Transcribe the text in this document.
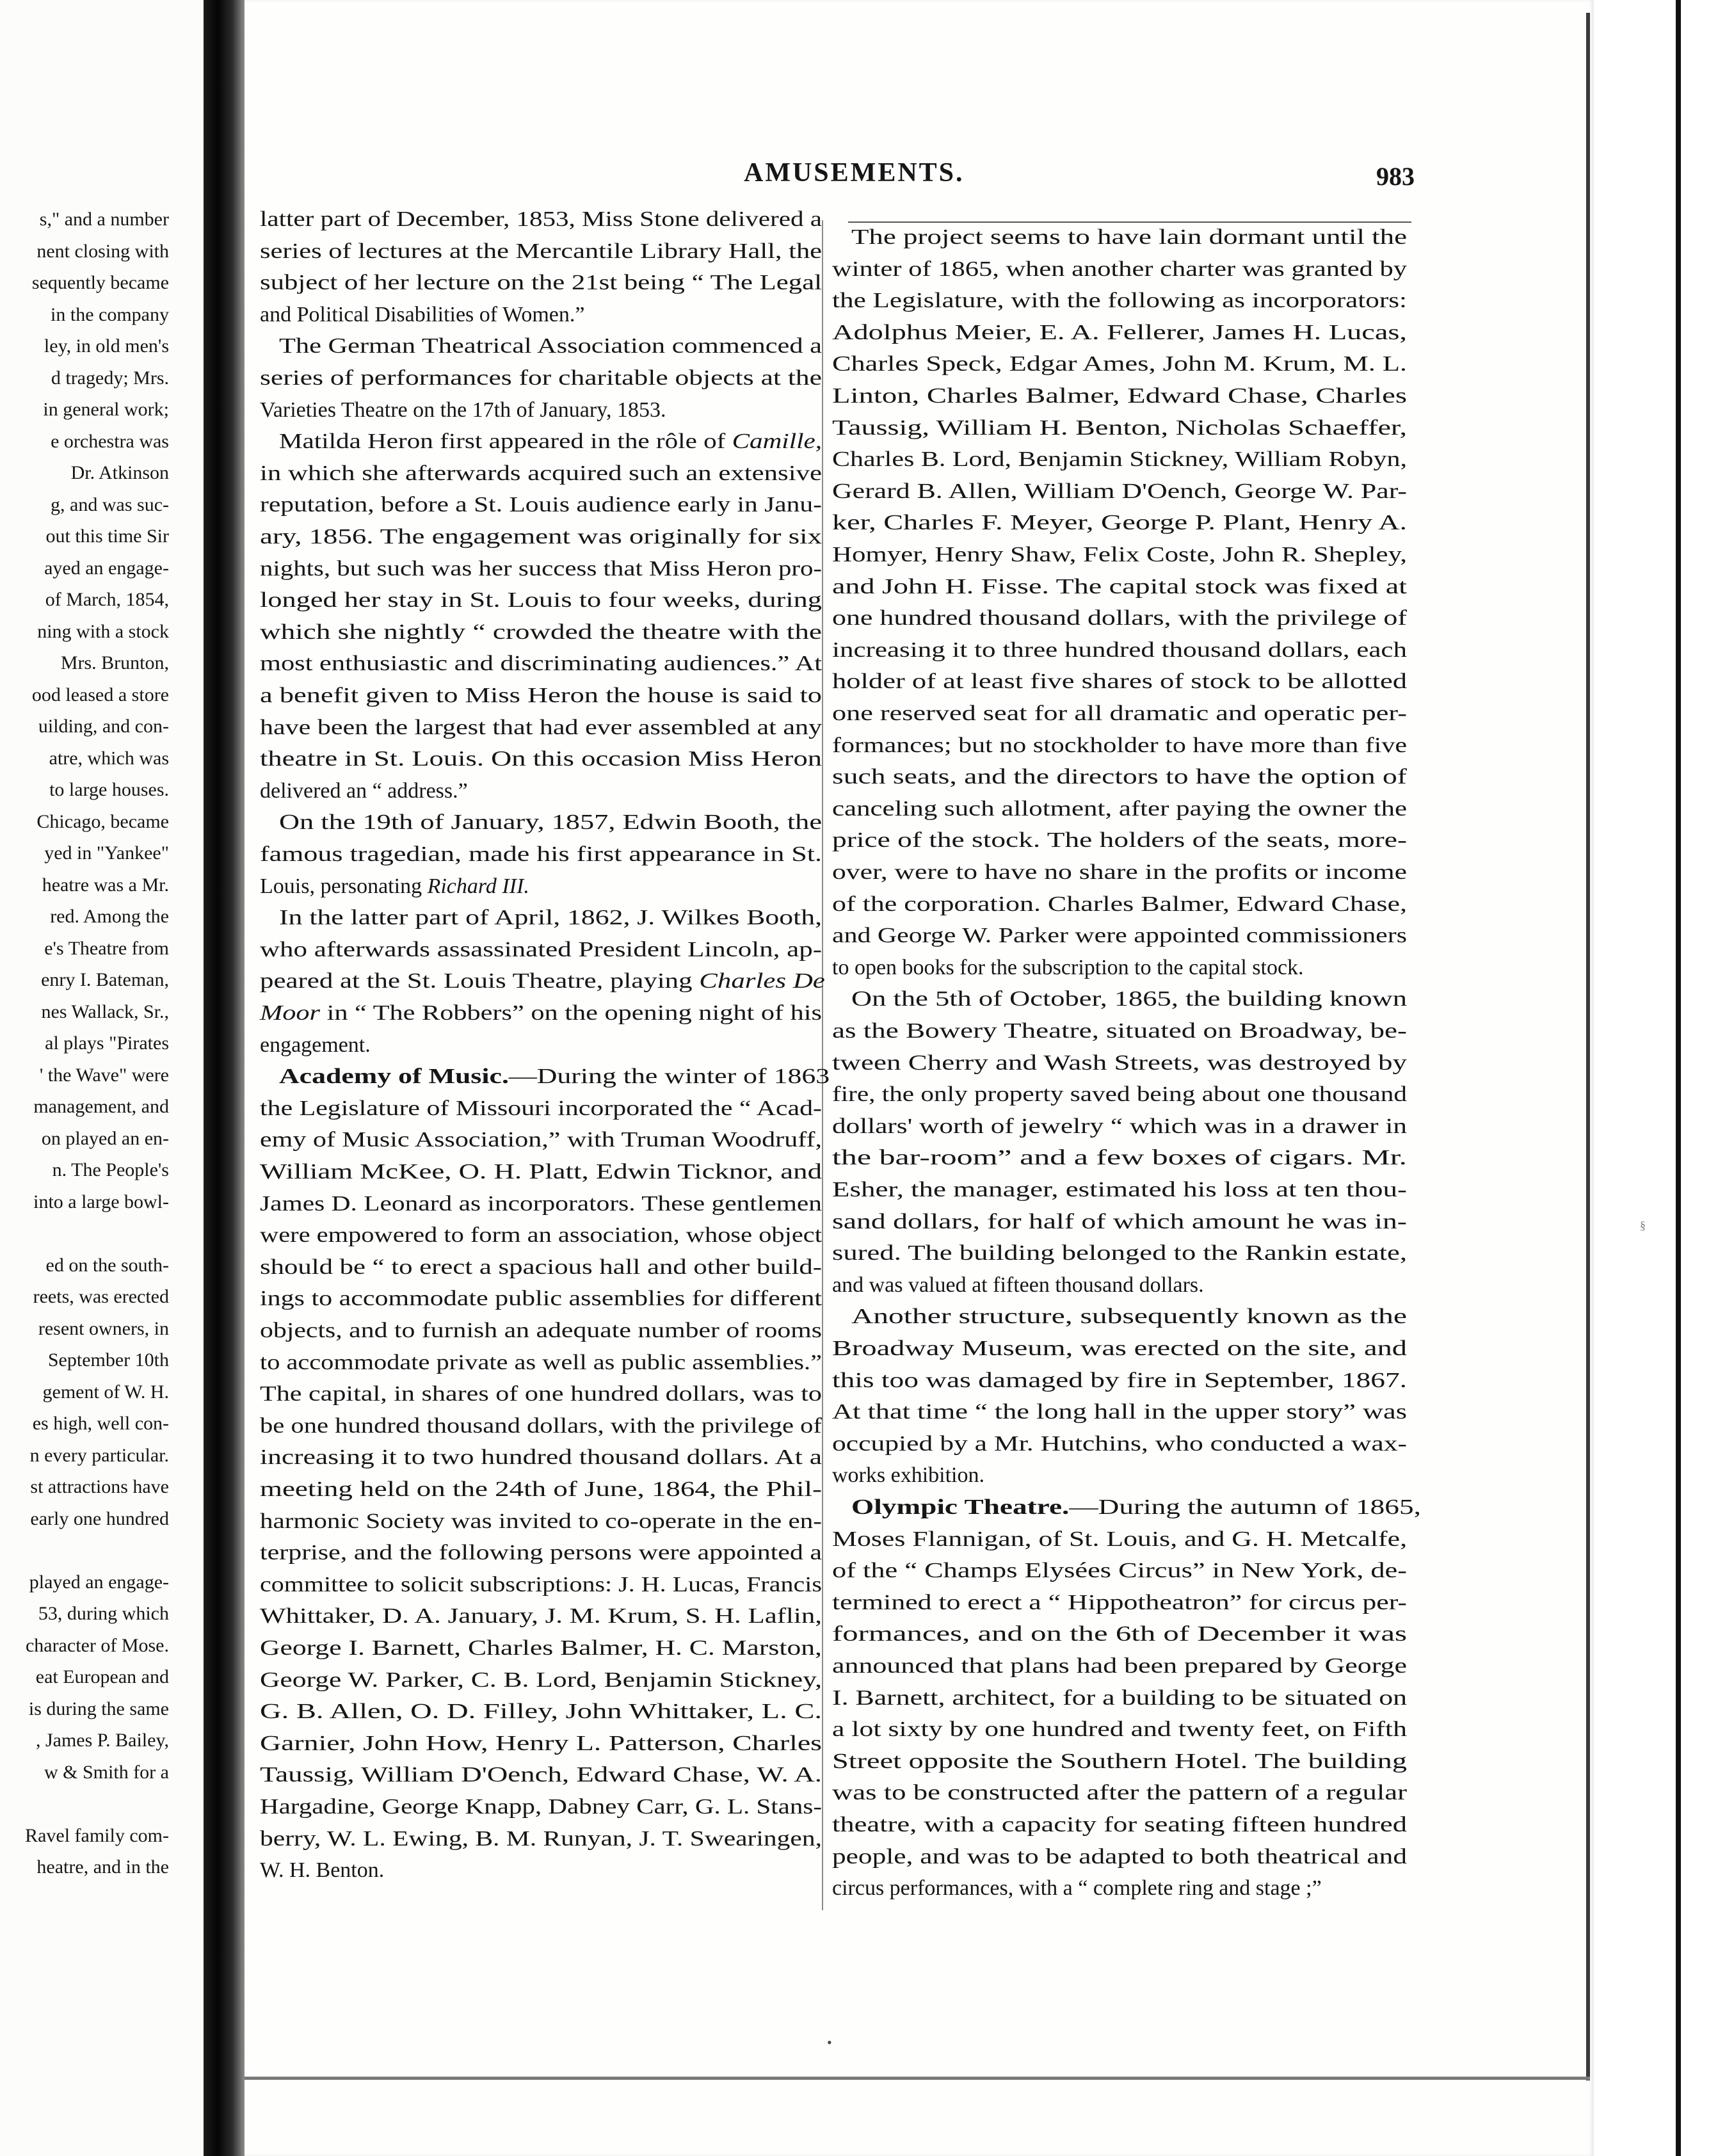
s," and a number
nent closing with
sequently became
in the company
ley, in old men's
d tragedy; Mrs.
in general work;
e orchestra was
Dr. Atkinson
g, and was suc-
out this time Sir
ayed an engage-
of March, 1854,
ning with a stock
Mrs. Brunton,
ood leased a store
uilding, and con-
atre, which was
to large houses.
Chicago, became
yed in "Yankee"
heatre was a Mr.
red. Among the
e's Theatre from
enry I. Bateman,
nes Wallack, Sr.,
al plays "Pirates
' the Wave" were
management, and
on played an en-
n. The People's
into a large bowl-
ed on the south-
reets, was erected
resent owners, in
September 10th
gement of W. H.
es high, well con-
n every particular.
st attractions have
early one hundred
played an engage-
53, during which
character of Mose.
eat European and
is during the same
, James P. Bailey,
w & Smith for a
Ravel family com-
heatre, and in the
AMUSEMENTS.	983
latter part of December, 1853, Miss Stone delivered a
series of lectures at the Mercantile Library Hall, the
subject of her lecture on the 21st being “ The Legal
and Political Disabilities of Women.”
The German Theatrical Association commenced a
series of performances for charitable objects at the
Varieties Theatre on the 17th of January, 1853.
Matilda Heron first appeared in the rôle of Camille,
in which she afterwards acquired such an extensive
reputation, before a St. Louis audience early in Janu-
ary, 1856. The engagement was originally for six
nights, but such was her success that Miss Heron pro-
longed her stay in St. Louis to four weeks, during
which she nightly “ crowded the theatre with the
most enthusiastic and discriminating audiences.” At
a benefit given to Miss Heron the house is said to
have been the largest that had ever assembled at any
theatre in St. Louis. On this occasion Miss Heron
delivered an “ address.”
On the 19th of January, 1857, Edwin Booth, the
famous tragedian, made his first appearance in St.
Louis, personating Richard III.
In the latter part of April, 1862, J. Wilkes Booth,
who afterwards assassinated President Lincoln, ap-
peared at the St. Louis Theatre, playing Charles De
Moor in “ The Robbers” on the opening night of his
engagement.
Academy of Music.—During the winter of 1863
the Legislature of Missouri incorporated the “ Acad-
emy of Music Association,” with Truman Woodruff,
William McKee, O. H. Platt, Edwin Ticknor, and
James D. Leonard as incorporators. These gentlemen
were empowered to form an association, whose object
should be “ to erect a spacious hall and other build-
ings to accommodate public assemblies for different
objects, and to furnish an adequate number of rooms
to accommodate private as well as public assemblies.”
The capital, in shares of one hundred dollars, was to
be one hundred thousand dollars, with the privilege of
increasing it to two hundred thousand dollars. At a
meeting held on the 24th of June, 1864, the Phil-
harmonic Society was invited to co-operate in the en-
terprise, and the following persons were appointed a
committee to solicit subscriptions: J. H. Lucas, Francis
Whittaker, D. A. January, J. M. Krum, S. H. Laflin,
George I. Barnett, Charles Balmer, H. C. Marston,
George W. Parker, C. B. Lord, Benjamin Stickney,
G. B. Allen, O. D. Filley, John Whittaker, L. C.
Garnier, John How, Henry L. Patterson, Charles
Taussig, William D'Oench, Edward Chase, W. A.
Hargadine, George Knapp, Dabney Carr, G. L. Stans-
berry, W. L. Ewing, B. M. Runyan, J. T. Swearingen,
W. H. Benton.
The project seems to have lain dormant until the
winter of 1865, when another charter was granted by
the Legislature, with the following as incorporators:
Adolphus Meier, E. A. Fellerer, James H. Lucas,
Charles Speck, Edgar Ames, John M. Krum, M. L.
Linton, Charles Balmer, Edward Chase, Charles
Taussig, William H. Benton, Nicholas Schaeffer,
Charles B. Lord, Benjamin Stickney, William Robyn,
Gerard B. Allen, William D'Oench, George W. Par-
ker, Charles F. Meyer, George P. Plant, Henry A.
Homyer, Henry Shaw, Felix Coste, John R. Shepley,
and John H. Fisse. The capital stock was fixed at
one hundred thousand dollars, with the privilege of
increasing it to three hundred thousand dollars, each
holder of at least five shares of stock to be allotted
one reserved seat for all dramatic and operatic per-
formances; but no stockholder to have more than five
such seats, and the directors to have the option of
canceling such allotment, after paying the owner the
price of the stock. The holders of the seats, more-
over, were to have no share in the profits or income
of the corporation. Charles Balmer, Edward Chase,
and George W. Parker were appointed commissioners
to open books for the subscription to the capital stock.
On the 5th of October, 1865, the building known
as the Bowery Theatre, situated on Broadway, be-
tween Cherry and Wash Streets, was destroyed by
fire, the only property saved being about one thousand
dollars' worth of jewelry “ which was in a drawer in
the bar-room” and a few boxes of cigars. Mr.
Esher, the manager, estimated his loss at ten thou-
sand dollars, for half of which amount he was in-
sured. The building belonged to the Rankin estate,
and was valued at fifteen thousand dollars.
Another structure, subsequently known as the
Broadway Museum, was erected on the site, and
this too was damaged by fire in September, 1867.
At that time “ the long hall in the upper story” was
occupied by a Mr. Hutchins, who conducted a wax-
works exhibition.
Olympic Theatre.—During the autumn of 1865,
Moses Flannigan, of St. Louis, and G. H. Metcalfe,
of the “ Champs Elysées Circus” in New York, de-
termined to erect a “ Hippotheatron” for circus per-
formances, and on the 6th of December it was
announced that plans had been prepared by George
I. Barnett, architect, for a building to be situated on
a lot sixty by one hundred and twenty feet, on Fifth
Street opposite the Southern Hotel. The building
was to be constructed after the pattern of a regular
theatre, with a capacity for seating fifteen hundred
people, and was to be adapted to both theatrical and
circus performances, with a “ complete ring and stage ;”
§
•
